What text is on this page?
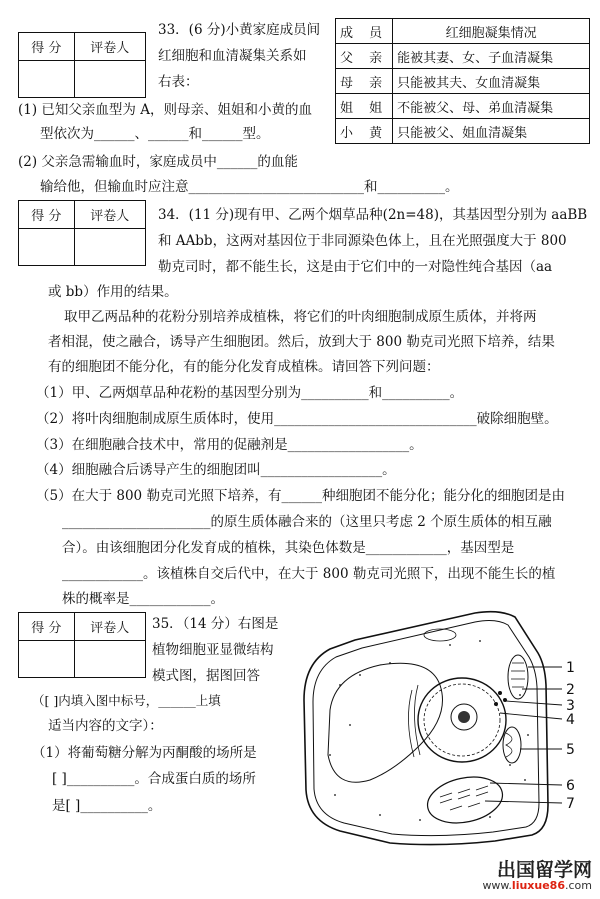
得 分	评卷人

33．(6 分)小黄家庭成员间
红细胞和血清凝集关系如
右表：
成 员	红细胞凝集情况
父 亲	能被其妻、女、子血清凝集
母 亲	只能被其夫、女血清凝集
姐 姐	不能被父、母、弟血清凝集
小 黄	只能被父、姐血清凝集
(1) 已知父亲血型为 A，则母亲、姐姐和小黄的血
型依次为______、______和______型。
(2) 父亲急需输血时，家庭成员中______的血能
输给他，但输血时应注意__________________________和__________。
得 分	评卷人
	34．(11 分)现有甲、乙两个烟草品种(2n=48)，其基因型分别为 aaBB
和 AAbb，这两对基因位于非同源染色体上，且在光照强度大于 800
勒克司时，都不能生长，这是由于它们中的一对隐性纯合基因（aa
或 bb）作用的结果。
取甲乙两品种的花粉分别培养成植株，将它们的叶肉细胞制成原生质体，并将两
者相混，使之融合，诱导产生细胞团。然后，放到大于 800 勒克司光照下培养，结果
有的细胞团不能分化，有的能分化发育成植株。请回答下列问题：
（1）甲、乙两烟草品种花粉的基因型分别为__________和__________。
（2）将叶肉细胞制成原生质体时，使用______________________________破除细胞壁。
（3）在细胞融合技术中，常用的促融剂是__________________。
（4）细胞融合后诱导产生的细胞团叫__________________。
（5）在大于 800 勒克司光照下培养，有______种细胞团不能分化；能分化的细胞团是由
______________________的原生质体融合来的（这里只考虑 2 个原生质体的相互融
合）。由该细胞团分化发育成的植株，其染色体数是____________，基因型是
____________。该植株自交后代中，在大于 800 勒克司光照下，出现不能生长的植
株的概率是____________。
得 分	评卷人
	35．（14 分）右图是
植物细胞亚显微结构
模式图，据图回答
（[ ]内填入图中标号，______上填
适当内容的文字）：
（1）将葡萄糖分解为丙酮酸的场所是
[ ]__________。合成蛋白质的场所
是[ ]__________。
1
2
3
4
5
6
7
出国留学网
www.liuxue86.com
